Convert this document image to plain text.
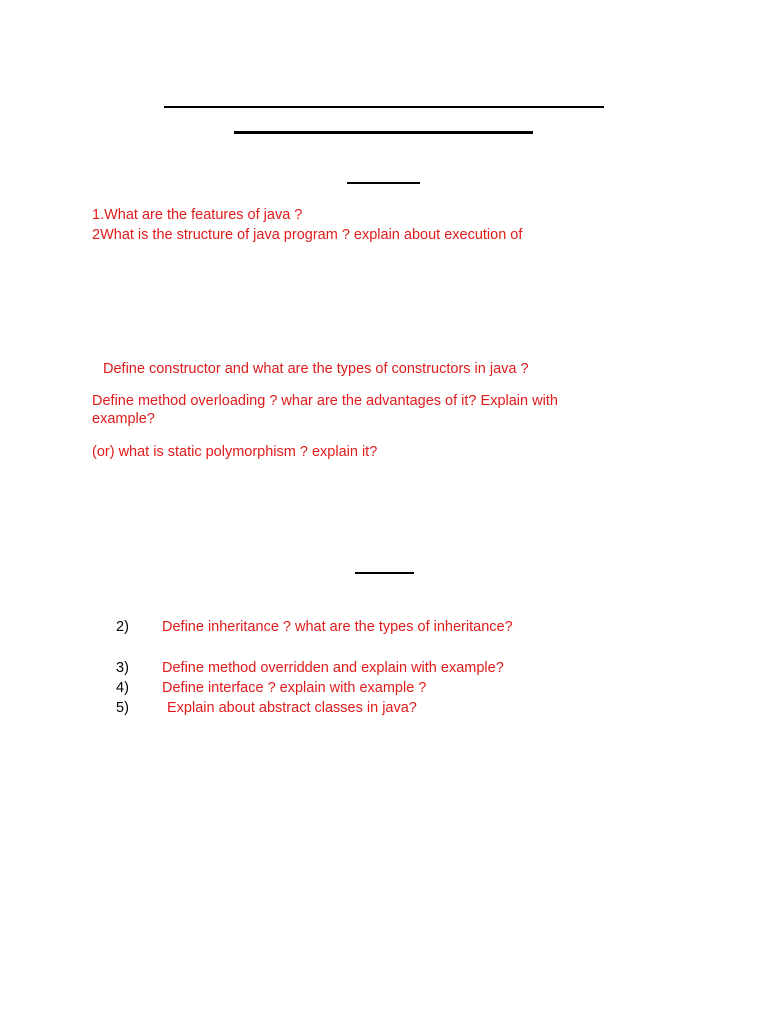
1.What are the features of java ?
2What is the structure of java program ? explain about execution of
Define constructor and what are the types of constructors in java ?
Define method overloading ? whar are the advantages of it? Explain with example?
(or) what is static polymorphism ? explain it?
2) Define inheritance ? what are the types of inheritance?
3) Define method overridden and explain with example?
4) Define interface ? explain with example ?
5)	Explain about abstract classes in java?
